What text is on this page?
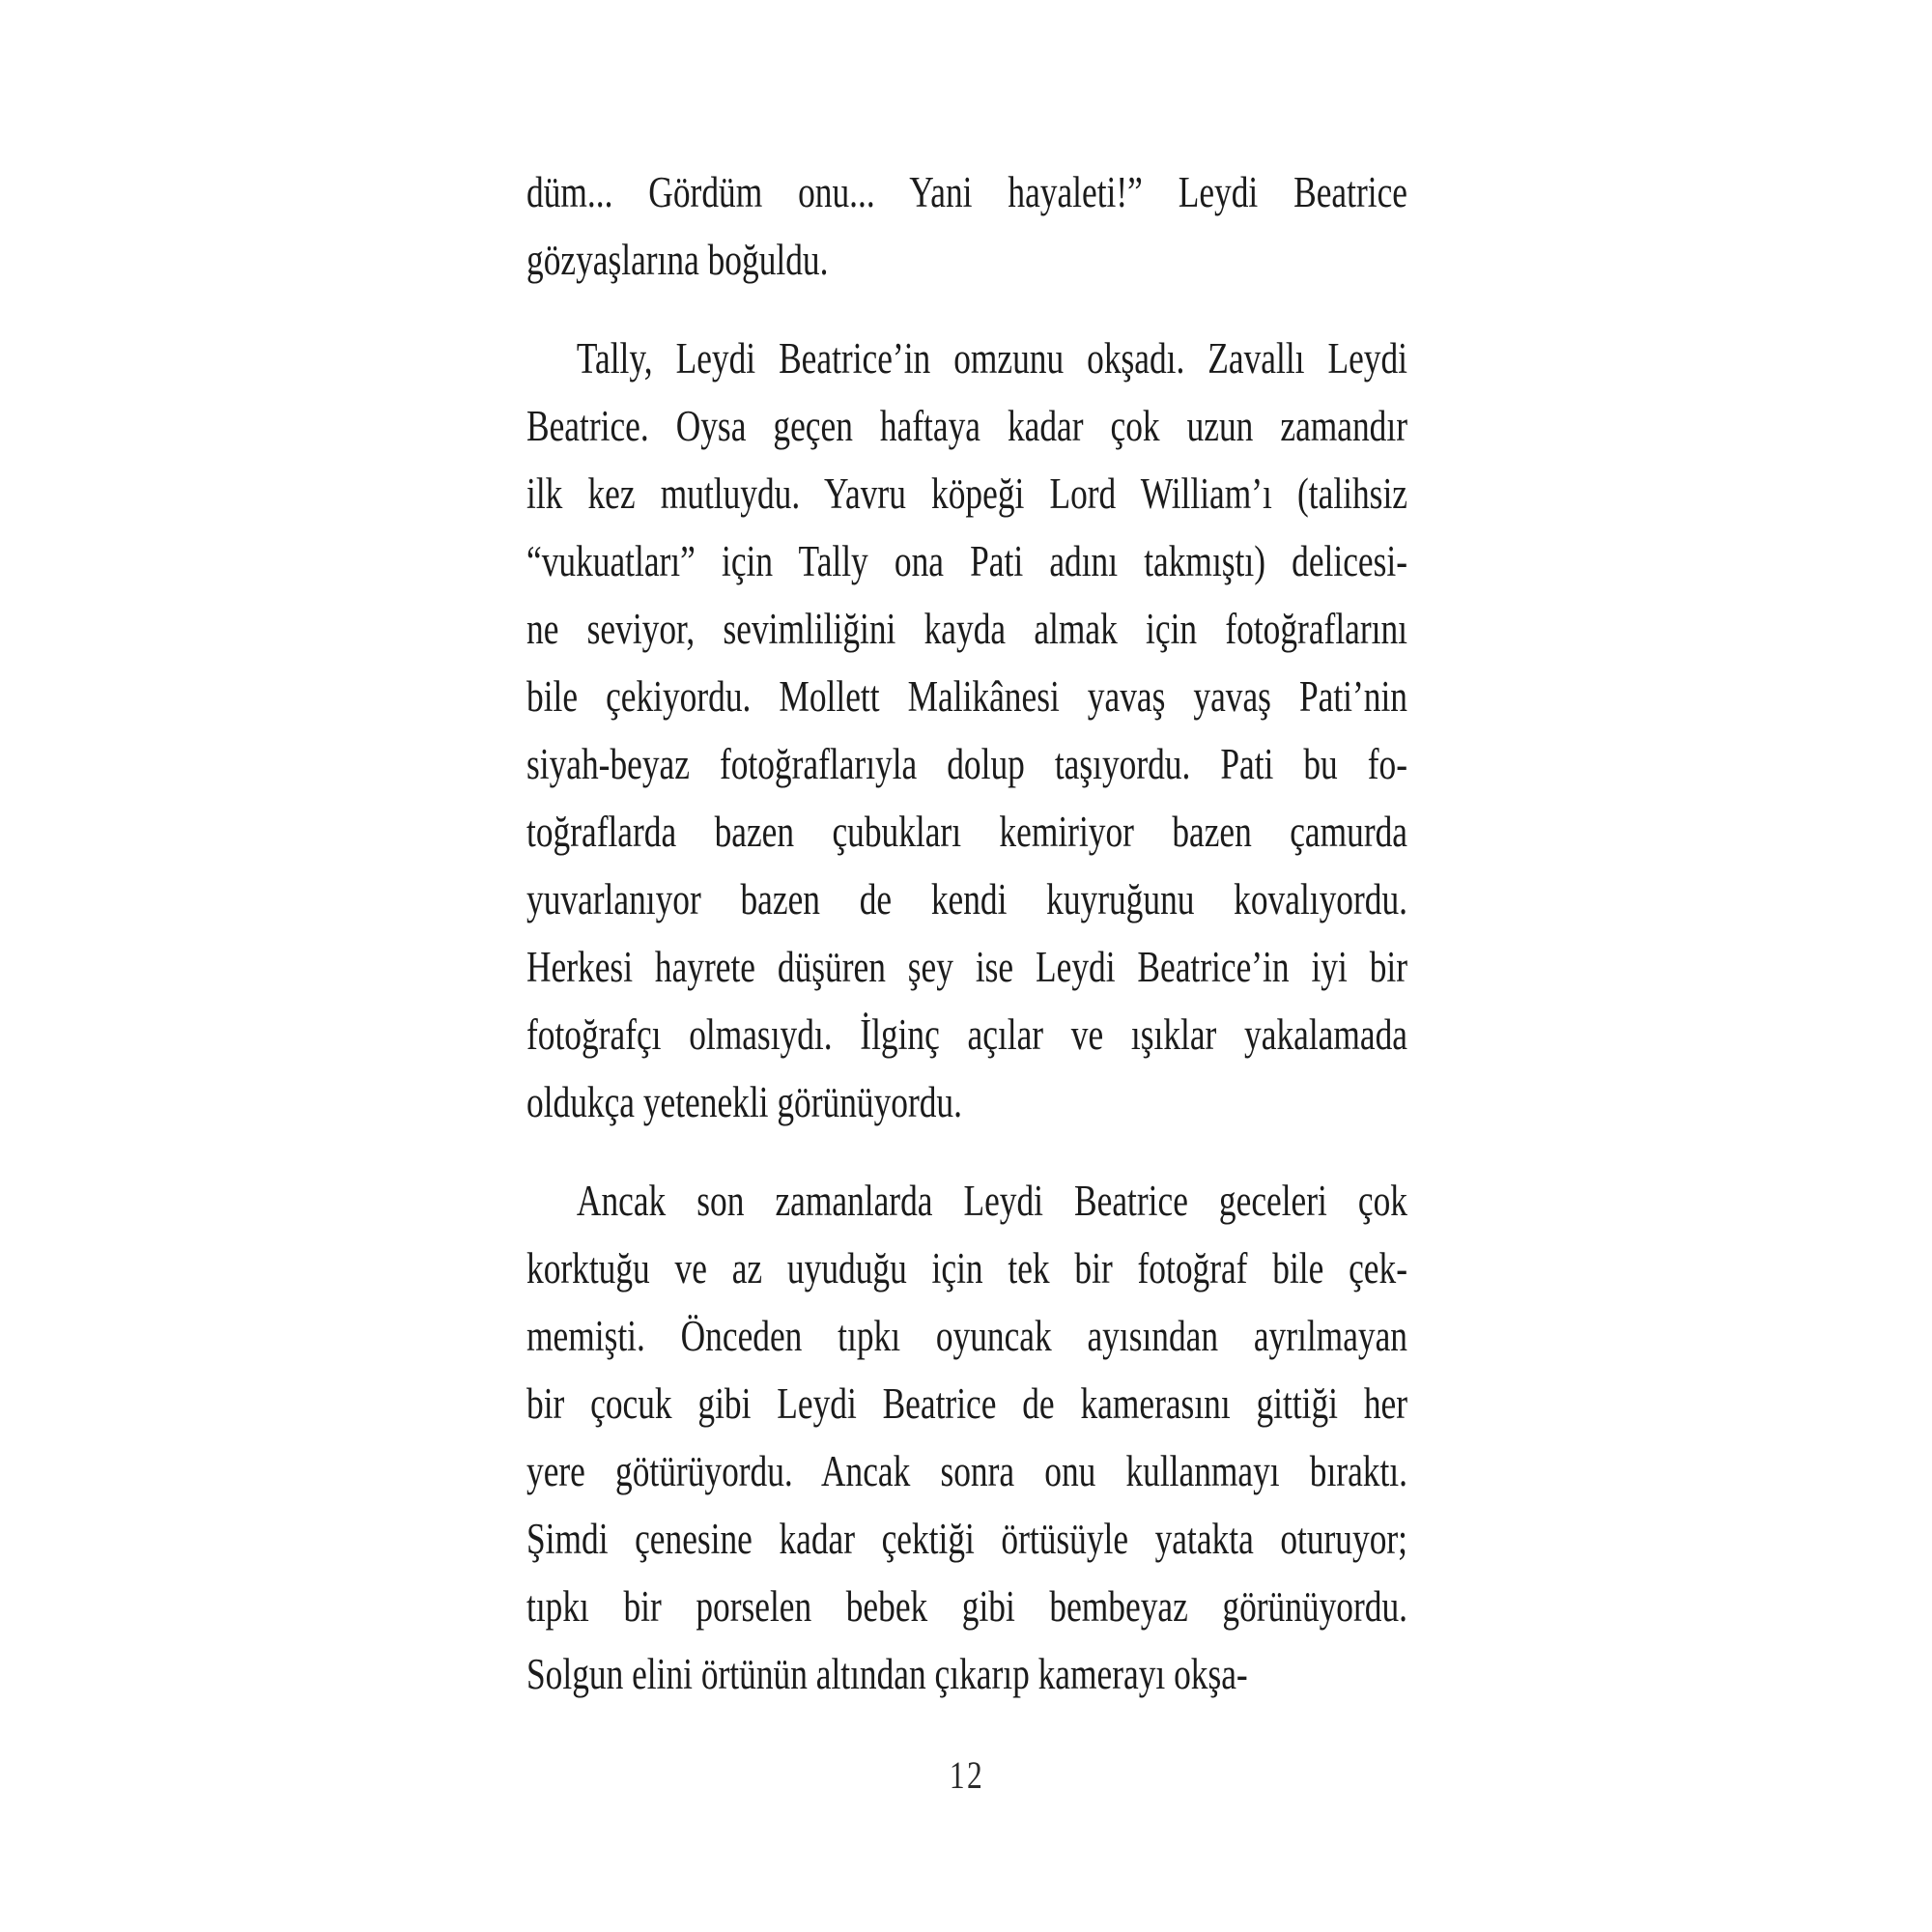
düm... Gördüm onu... Yani hayaleti!” Leydi Beatrice
gözyaşlarına boğuldu.
Tally, Leydi Beatrice’in omzunu okşadı. Zavallı Leydi
Beatrice. Oysa geçen haftaya kadar çok uzun zamandır
ilk kez mutluydu. Yavru köpeği Lord William’ı (talihsiz
“vukuatları” için Tally ona Pati adını takmıştı) delicesi-
ne seviyor, sevimliliğini kayda almak için fotoğraflarını
bile çekiyordu. Mollett Malikânesi yavaş yavaş Pati’nin
siyah-beyaz fotoğraflarıyla dolup taşıyordu. Pati bu fo-
toğraflarda bazen çubukları kemiriyor bazen çamurda
yuvarlanıyor bazen de kendi kuyruğunu kovalıyordu.
Herkesi hayrete düşüren şey ise Leydi Beatrice’in iyi bir
fotoğrafçı olmasıydı. İlginç açılar ve ışıklar yakalamada
oldukça yetenekli görünüyordu.
Ancak son zamanlarda Leydi Beatrice geceleri çok
korktuğu ve az uyuduğu için tek bir fotoğraf bile çek-
memişti. Önceden tıpkı oyuncak ayısından ayrılmayan
bir çocuk gibi Leydi Beatrice de kamerasını gittiği her
yere götürüyordu. Ancak sonra onu kullanmayı bıraktı.
Şimdi çenesine kadar çektiği örtüsüyle yatakta oturuyor;
tıpkı bir porselen bebek gibi bembeyaz görünüyordu.
Solgun elini örtünün altından çıkarıp kamerayı okşa-
12
